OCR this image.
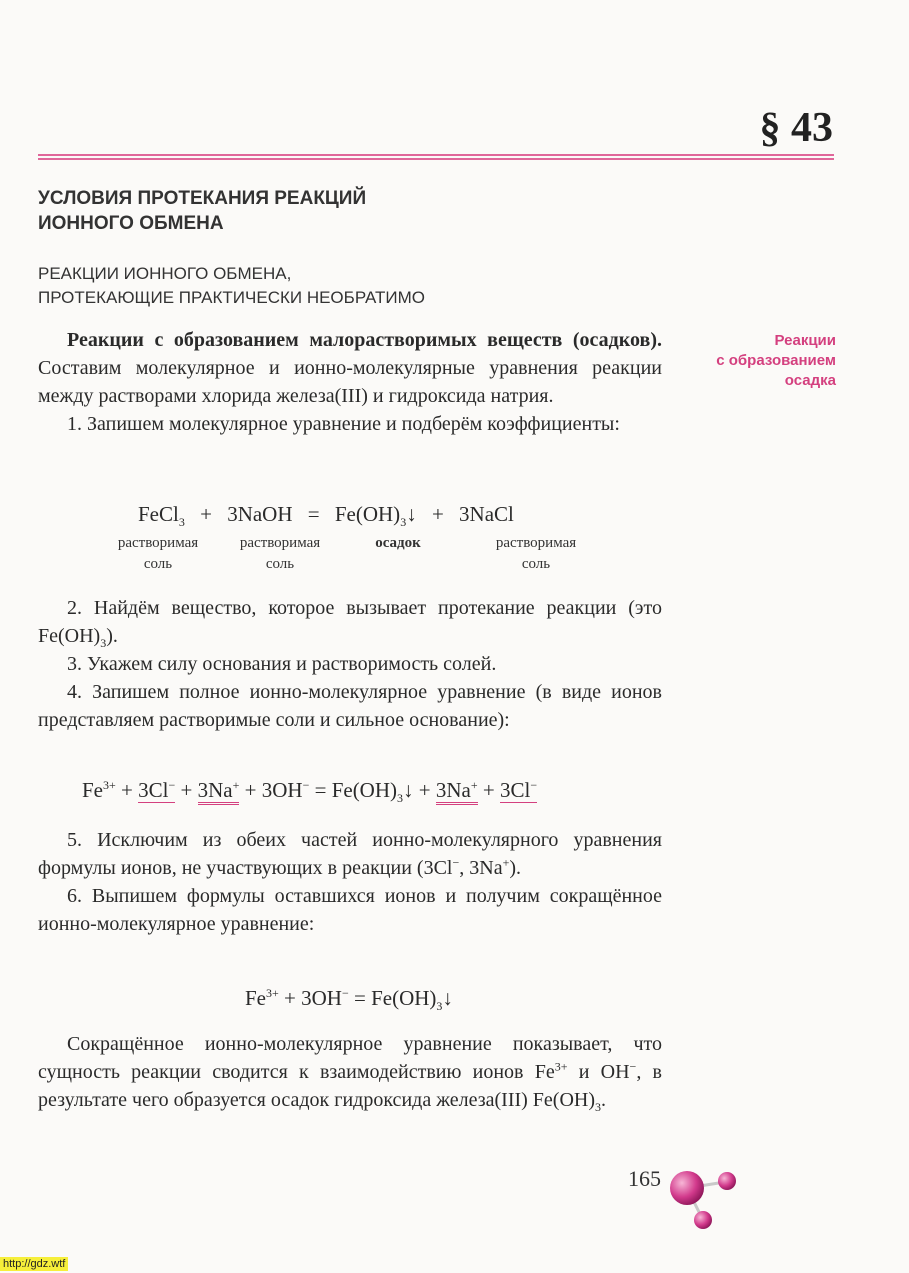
§ 43
УСЛОВИЯ ПРОТЕКАНИЯ РЕАКЦИЙ
ИОННОГО ОБМЕНА
РЕАКЦИИ ИОННОГО ОБМЕНА,
ПРОТЕКАЮЩИЕ ПРАКТИЧЕСКИ НЕОБРАТИМО
Реакции
с образованием
осадка

Реакции с образованием малорастворимых веществ (осадков). Составим молекулярное и ионно-молекулярные уравнения реакции между растворами хлорида железа(III) и гидроксида натрия.

1. Запишем молекулярное уравнение и подберём коэффициенты:

FeCl$_3$ + 3NaOH = $Fe(OH)_3↓$ + 3NaCl
растворимая
соль
растворимая
соль
осадок	растворимая
соль

2. Найдём вещество, которое вызывает протекание реакции (это $Fe(OH)_3$).

3. Укажем силу основания и растворимость солей.

4. Запишем полное ионно-молекулярное уравнение (в виде ионов представляем растворимые соли и сильное основание):

$Fe^{3+} + 3Cl^- + 3Na^+ + 3OH^-$ = $Fe(OH)_3↓ + 3Na^+ + 3Cl^-$

5. Исключим из обеих частей ионно-молекулярного уравнения формулы ионов, не участвующих в реакции (3Cl−, 3Na+).

6. Выпишем формулы оставшихся ионов и получим сокращённое ионно-молекулярное уравнение:

$Fe^{3+} + 3OH^-$ = $Fe(OH)_3↓$

Сокращённое ионно-молекулярное уравнение показывает, что сущность реакции сводится к взаимодействию ионов $Fe^{3+}$ и OH−, в результате чего образуется осадок гидроксида железа(III) $Fe(OH)_3$.

165
http://gdz.wtf
